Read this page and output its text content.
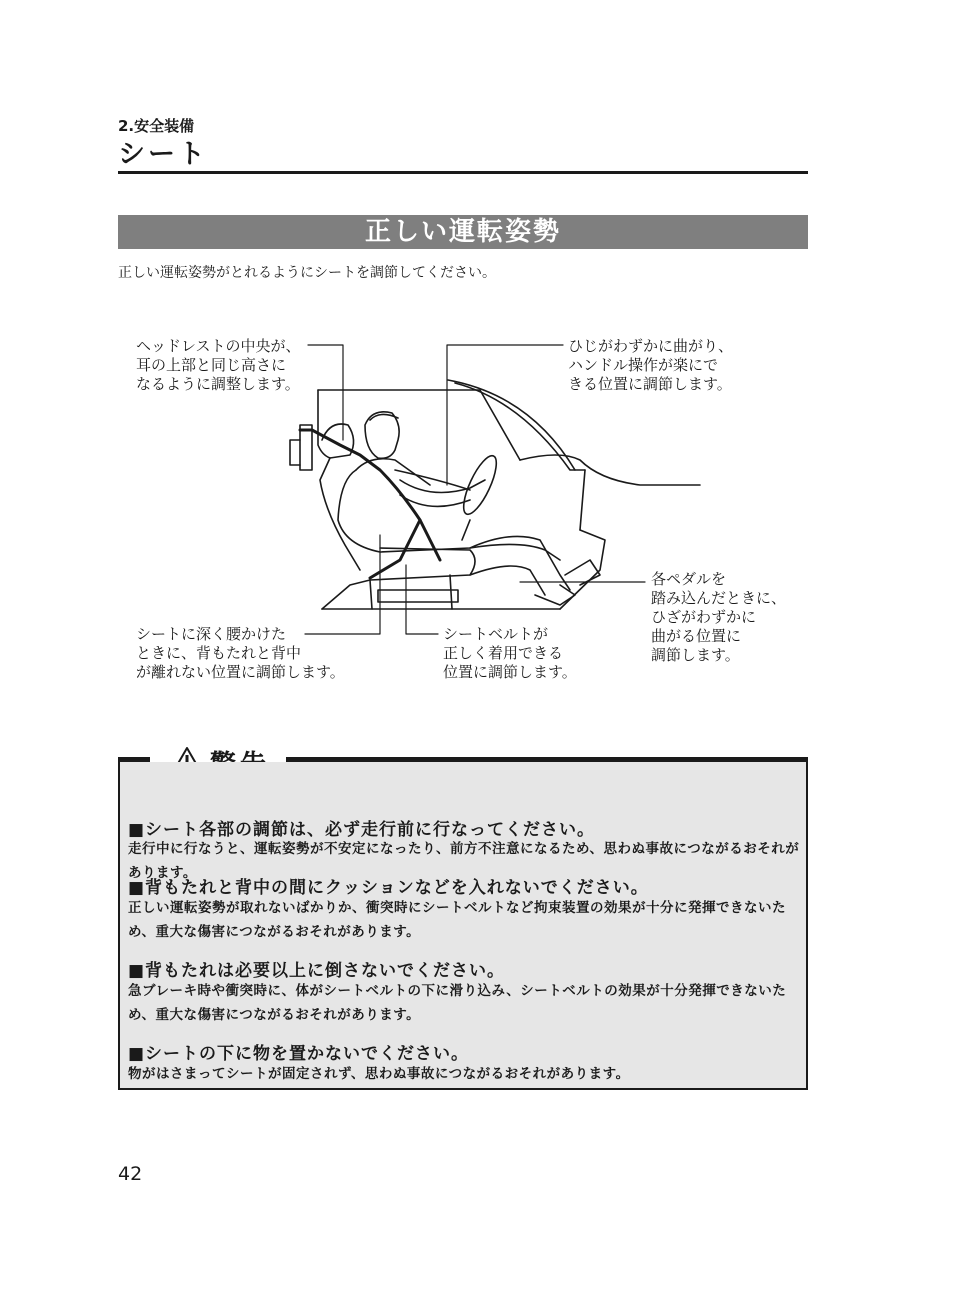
2.安全装備
シート
正しい運転姿勢
正しい運転姿勢がとれるようにシートを調節してください。
ヘッドレストの中央が、
耳の上部と同じ高さに
なるように調整します。
ひじがわずかに曲がり、
ハンドル操作が楽にで
きる位置に調節します。
各ペダルを
踏み込んだときに、
ひざがわずかに
曲がる位置に
調節します。
シートに深く腰かけた
ときに、背もたれと背中
が離れない位置に調節します。
シートベルトが
正しく着用できる
位置に調節します。
■シート各部の調節は、必ず走行前に行なってください。
走行中に行なうと、運転姿勢が不安定になったり、前方不注意になるため、思わぬ事故につながるおそれがあります。
■背もたれと背中の間にクッションなどを入れないでください。
正しい運転姿勢が取れないばかりか、衝突時にシートベルトなど拘束装置の効果が十分に発揮できないため、重大な傷害につながるおそれがあります。
■背もたれは必要以上に倒さないでください。
急ブレーキ時や衝突時に、体がシートベルトの下に滑り込み、シートベルトの効果が十分発揮できないため、重大な傷害につながるおそれがあります。
■シートの下に物を置かないでください。
物がはさまってシートが固定されず、思わぬ事故につながるおそれがあります。
42
